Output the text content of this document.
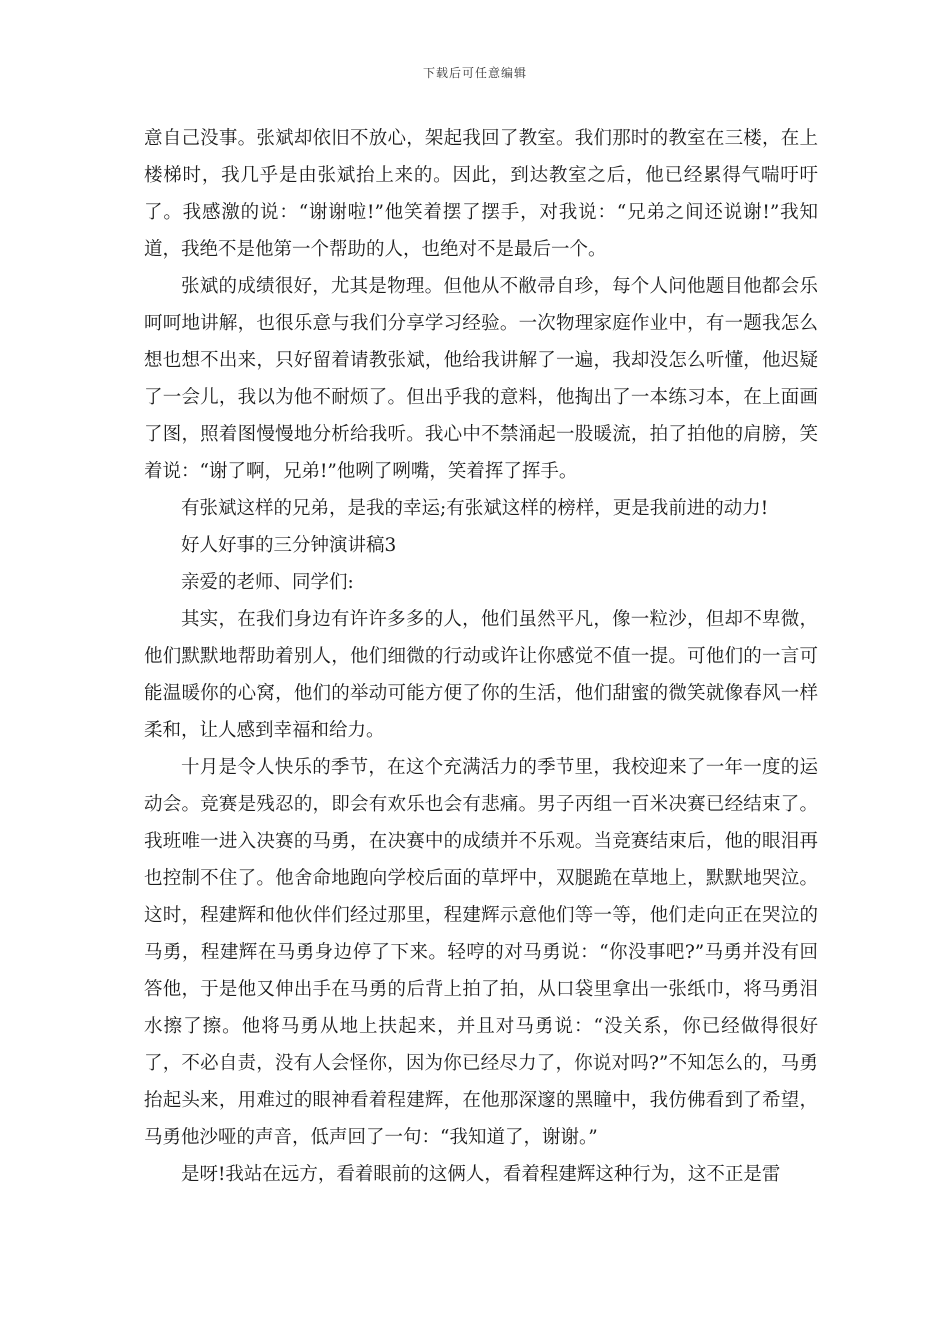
下载后可任意编辑

意自己没事。张斌却依旧不放心，架起我回了教室。我们那时的教室在三楼，在上楼梯时，我几乎是由张斌抬上来的。因此，到达教室之后，他已经累得气喘吁吁了。我感激的说：“谢谢啦!”他笑着摆了摆手，对我说：“兄弟之间还说谢!”我知道，我绝不是他第一个帮助的人，也绝对不是最后一个。

张斌的成绩很好，尤其是物理。但他从不敝帚自珍，每个人问他题目他都会乐呵呵地讲解，也很乐意与我们分享学习经验。一次物理家庭作业中，有一题我怎么想也想不出来，只好留着请教张斌，他给我讲解了一遍，我却没怎么听懂，他迟疑了一会儿，我以为他不耐烦了。但出乎我的意料，他掏出了一本练习本，在上面画了图，照着图慢慢地分析给我听。我心中不禁涌起一股暖流，拍了拍他的肩膀，笑着说：“谢了啊，兄弟!”他咧了咧嘴，笑着挥了挥手。

有张斌这样的兄弟，是我的幸运;有张斌这样的榜样，更是我前进的动力!

好人好事的三分钟演讲稿3

亲爱的老师、同学们:

其实，在我们身边有许许多多的人，他们虽然平凡，像一粒沙，但却不卑微，他们默默地帮助着别人，他们细微的行动或许让你感觉不值一提。可他们的一言可能温暖你的心窝，他们的举动可能方便了你的生活，他们甜蜜的微笑就像春风一样柔和，让人感到幸福和给力。

十月是令人快乐的季节，在这个充满活力的季节里，我校迎来了一年一度的运动会。竞赛是残忍的，即会有欢乐也会有悲痛。男子丙组一百米决赛已经结束了。我班唯一进入决赛的马勇，在决赛中的成绩并不乐观。当竞赛结束后，他的眼泪再也控制不住了。他舍命地跑向学校后面的草坪中，双腿跪在草地上，默默地哭泣。这时，程建辉和他伙伴们经过那里，程建辉示意他们等一等，他们走向正在哭泣的马勇，程建辉在马勇身边停了下来。轻哼的对马勇说：“你没事吧?”马勇并没有回答他，于是他又伸出手在马勇的后背上拍了拍，从口袋里拿出一张纸巾，将马勇泪水擦了擦。他将马勇从地上扶起来，并且对马勇说：“没关系，你已经做得很好了，不必自责，没有人会怪你，因为你已经尽力了，你说对吗?”不知怎么的，马勇抬起头来，用难过的眼神看着程建辉，在他那深邃的黑瞳中，我仿佛看到了希望，马勇他沙哑的声音，低声回了一句：“我知道了，谢谢。”

是呀!我站在远方，看着眼前的这俩人，看着程建辉这种行为，这不正是雷
